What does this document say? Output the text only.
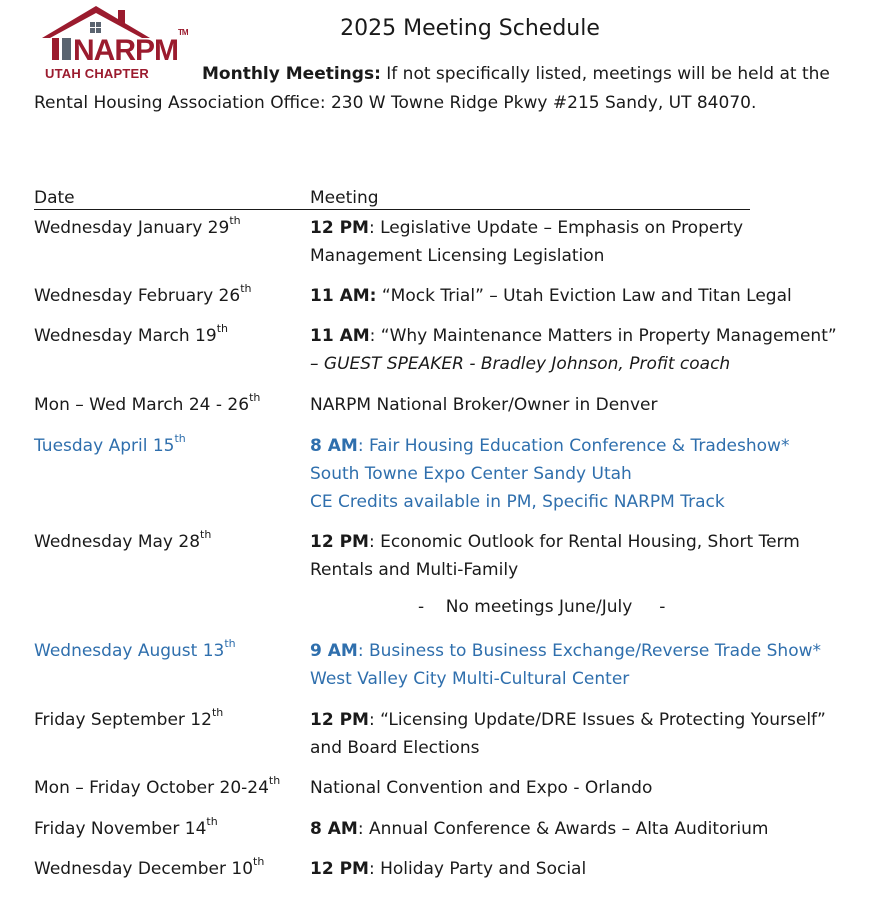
NARPM™
UTAH CHAPTER
2025 Meeting Schedule
Monthly Meetings: If not specifically listed, meetings will be held at the Rental Housing Association Office: 230 W Towne Ridge Pkwy #215 Sandy, UT 84070.
Date	Meeting
Wednesday January 29th	12 PM: Legislative Update – Emphasis on Property
Management Licensing Legislation
Wednesday February 26th	11 AM: “Mock Trial” – Utah Eviction Law and Titan Legal
Wednesday March 19th	11 AM: “Why Maintenance Matters in Property Management”
– GUEST SPEAKER - Bradley Johnson, Profit coach
Mon – Wed March 24 - 26th	NARPM National Broker/Owner in Denver
Tuesday April 15th	8 AM: Fair Housing Education Conference & Tradeshow*
South Towne Expo Center Sandy Utah
CE Credits available in PM, Specific NARPM Track
Wednesday May 28th	12 PM: Economic Outlook for Rental Housing, Short Term
Rentals and Multi-Family
-    No meetings June/July     -
Wednesday August 13th	9 AM: Business to Business Exchange/Reverse Trade Show*
West Valley City Multi-Cultural Center
Friday September 12th	12 PM: “Licensing Update/DRE Issues & Protecting Yourself”
and Board Elections
Mon – Friday October 20-24th National Convention and Expo - Orlando
Friday November 14th	8 AM: Annual Conference & Awards – Alta Auditorium
Wednesday December 10th	12 PM: Holiday Party and Social
